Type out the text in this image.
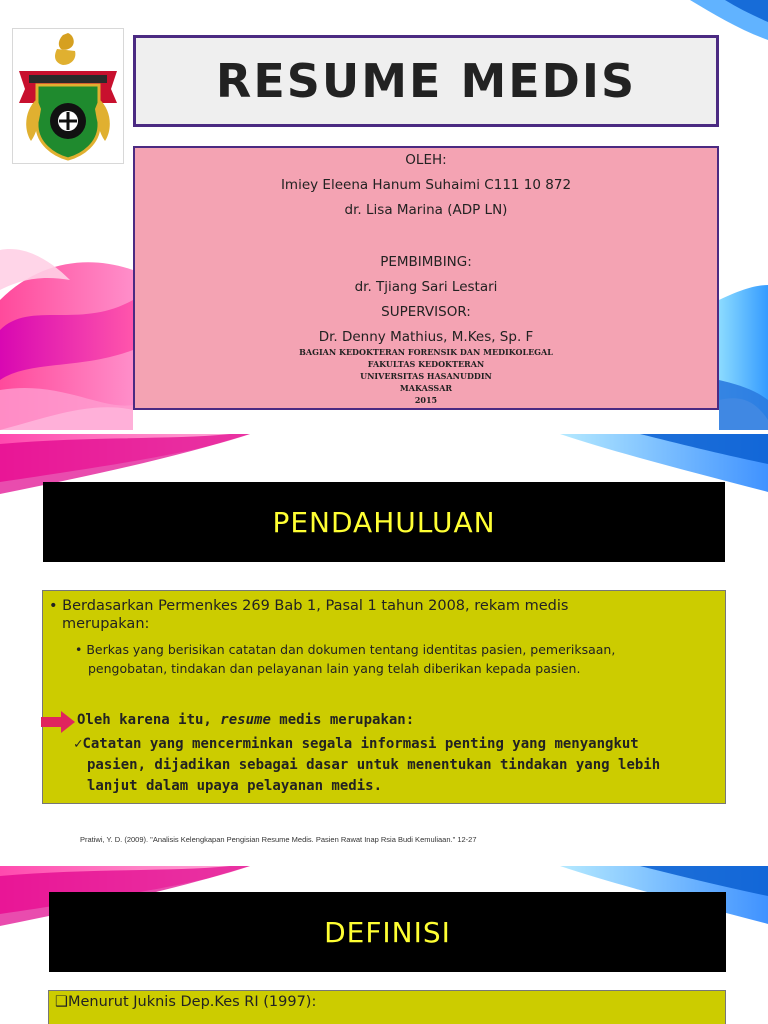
RESUME MEDIS
OLEH:
Imiey Eleena Hanum Suhaimi C111 10 872
dr. Lisa Marina (ADP LN)
PEMBIMBING:
dr. Tjiang Sari Lestari
SUPERVISOR:
Dr. Denny Mathius, M.Kes, Sp. F
BAGIAN KEDOKTERAN FORENSIK DAN MEDIKOLEGAL
FAKULTAS KEDOKTERAN
UNIVERSITAS HASANUDDIN
MAKASSAR
2015
PENDAHULUAN
• Berdasarkan Permenkes 269 Bab 1, Pasal 1 tahun 2008, rekam medis
merupakan:
• Berkas yang berisikan catatan dan dokumen tentang identitas pasien, pemeriksaan,
pengobatan, tindakan dan pelayanan lain yang telah diberikan kepada pasien.
Oleh karena itu, resume medis merupakan:
✓Catatan yang mencerminkan segala informasi penting yang menyangkut
pasien, dijadikan sebagai dasar untuk menentukan tindakan yang lebih
lanjut dalam upaya pelayanan medis.
Pratiwi, Y. D. (2009). "Analisis Kelengkapan Pengisian Resume Medis. Pasien Rawat Inap Rsia Budi Kemuliaan." 12-27
DEFINISI
❑Menurut Juknis Dep.Kes RI (1997):
